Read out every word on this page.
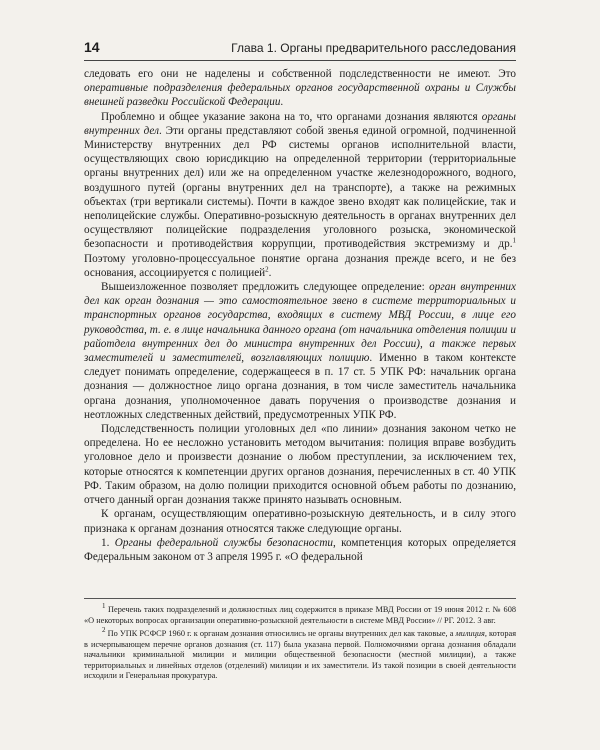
14	Глава 1. Органы предварительного расследования

следовать его они не наделены и собственной подследственности не имеют. Это оперативные подразделения федеральных органов государственной охраны и Службы внешней разведки Российской Федерации.

Проблемно и общее указание закона на то, что органами дознания являются органы внутренних дел. Эти органы представляют собой звенья единой огромной, подчиненной Министерству внутренних дел РФ системы органов исполнительной власти, осуществляющих свою юрисдикцию на определенной территории (территориальные органы внутренних дел) или же на определенном участке железнодорожного, водного, воздушного путей (органы внутренних дел на транспорте), а также на режимных объектах (три вертикали системы). Почти в каждое звено входят как полицейские, так и неполицейские службы. Оперативно-розыскную деятельность в органах внутренних дел осуществляют полицейские подразделения уголовного розыска, экономической безопасности и противодействия коррупции, противодействия экстремизму и др.$^1$ Поэтому уголовно-процессуальное понятие органа дознания прежде всего, и не без основания, ассоциируется с полицией$^2$.

Вышеизложенное позволяет предложить следующее определение: орган внутренних дел как орган дознания — это самостоятельное звено в системе территориальных и транспортных органов государства, входящих в систему МВД России, в лице его руководства, т. е. в лице начальника данного органа (от начальника отделения полиции и райотдела внутренних дел до министра внутренних дел России), а также первых заместителей и заместителей, возглавляющих полицию. Именно в таком контексте следует понимать определение, содержащееся в п. 17 ст. 5 УПК РФ: начальник органа дознания — должностное лицо органа дознания, в том числе заместитель начальника органа дознания, уполномоченное давать поручения о производстве дознания и неотложных следственных действий, предусмотренных УПК РФ.

Подследственность полиции уголовных дел «по линии» дознания законом четко не определена. Но ее несложно установить методом вычитания: полиция вправе возбудить уголовное дело и произвести дознание о любом преступлении, за исключением тех, которые относятся к компетенции других органов дознания, перечисленных в ст. 40 УПК РФ. Таким образом, на долю полиции приходится основной объем работы по дознанию, отчего данный орган дознания также принято называть основным.

К органам, осуществляющим оперативно-розыскную деятельность, и в силу этого признака к органам дознания относятся также следующие органы.

1. Органы федеральной службы безопасности, компетенция которых определяется Федеральным законом от 3 апреля 1995 г. «О федеральной

$^1$ Перечень таких подразделений и должностных лиц содержится в приказе МВД России от 19 июня 2012 г. № 608 «О некоторых вопросах организации оперативно-розыскной деятельности в системе МВД России» // РГ. 2012. 3 авг.

$^2$ По УПК РСФСР 1960 г. к органам дознания относились не органы внутренних дел как таковые, а милиция, которая в исчерпывающем перечне органов дознания (ст. 117) была указана первой. Полномочиями органа дознания обладали начальники криминальной милиции и милиции общественной безопасности (местной милиции), а также территориальных и линейных отделов (отделений) милиции и их заместители. Из такой позиции в своей деятельности исходили и Генеральная прокуратура.
